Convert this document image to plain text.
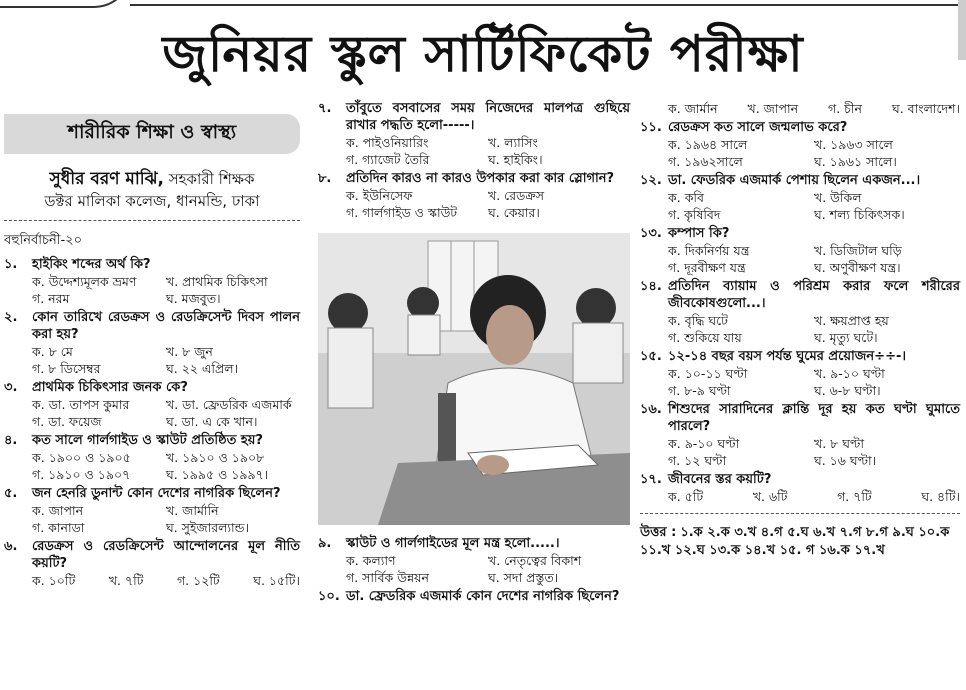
জুনিয়র স্কুল সার্টিফিকেট পরীক্ষা
শারীরিক শিক্ষা ও স্বাস্থ্য
সুধীর বরণ মাঝি, সহকারী শিক্ষক
ডক্টর মালিকা কলেজ, ধানমন্ডি, ঢাকা
বহুনির্বাচনী-২০
১.	হাইকিং শব্দের অর্থ কি?
ক. উদ্দেশ্যমূলক ভ্রমণ	খ. প্রাথমিক চিকিৎসা
গ. নরম	ঘ. মজবুত।
২.	কোন তারিখে রেডক্রস ও রেডক্রিসেন্ট দিবস পালন করা হয়?
ক. ৮ মে	খ. ৮ জুন
গ. ৮ ডিসেম্বর	ঘ. ২২ এপ্রিল।
৩.	প্রাথমিক চিকিৎসার জনক কে?
ক. ডা. তাপস কুমার	খ. ডা. ফ্রেডরিক এজমার্ক
গ. ডা. ফয়েজ	ঘ. ডা. এ কে খান।
৪.	কত সালে গার্লগাইড ও স্কাউট প্রতিষ্ঠিত হয়?
ক. ১৯০০ ও ১৯০৫	খ. ১৯১০ ও ১৯০৮
গ. ১৯১০ ও ১৯০৭	ঘ. ১৯৯৫ ও ১৯৯৭।
৫.	জন হেনরি ডুনান্ট কোন দেশের নাগরিক ছিলেন?
ক. জাপান	খ. জার্মানি
গ. কানাডা	ঘ. সুইজারল্যান্ড।
৬.	রেডক্রস ও রেডক্রিসেন্ট আন্দোলনের মূল নীতি কয়টি?
ক. ১০টি	খ. ৭টি	গ. ১২টি	ঘ. ১৫টি।
৭.	তাঁবুতে বসবাসের সময় নিজেদের মালপত্র গুছিয়ে রাখার পদ্ধতি হলো-----।
ক. পাইওনিয়ারিং	খ. ল্যাসিং
গ. গ্যাজেট তৈরি	ঘ. হাইকিং।
৮.	প্রতিদিন কারও না কারও উপকার করা কার স্লোগান?
ক. ইউনিসেফ	খ. রেডক্রস
গ. গার্লগাইড ও স্কাউট	ঘ. কেয়ার।
৯.	স্কাউট ও গার্লগাইডের মূল মন্ত্র হলো.....।
ক. কল্যাণ	খ. নেতৃত্বের বিকাশ
গ. সার্বিক উন্নয়ন	ঘ. সদা প্রস্তুত।
১০. ডা. ফ্রেডরিক এজমার্ক কোন দেশের নাগরিক ছিলেন?
ক. জার্মান খ. জাপান গ. চীন ঘ. বাংলাদেশ।
১১. রেডক্রস কত সালে জন্মলাভ করে?
ক. ১৯৬৪ সালে	খ. ১৯৬৩ সালে
গ. ১৯৬২সালে	ঘ. ১৯৬১ সালে।
১২. ডা. ফেডরিক এজমার্ক পেশায় ছিলেন একজন...।
ক. কবি	খ. উকিল
গ. কৃষিবিদ	ঘ. শল্য চিকিৎসক।
১৩. কম্পাস কি?
ক. দিকনির্ণয় যন্ত্র	খ. ডিজিটাল ঘড়ি
গ. দূরবীক্ষণ যন্ত্র	ঘ. অণুবীক্ষণ যন্ত্র।
১৪. প্রতিদিন ব্যায়াম ও পরিশ্রম করার ফলে শরীরের জীবকোষগুলো...।
ক. বৃদ্ধি ঘটে	খ. ক্ষয়প্রাপ্ত হয়
গ. শুকিয়ে যায়	ঘ. মৃত্যু ঘটে।
১৫. ১২-১৪ বছর বয়স পর্যন্ত ঘুমের প্রয়োজন÷÷-।
ক. ১০-১১ ঘণ্টা	খ. ৯-১০ ঘণ্টা
গ. ৮-৯ ঘণ্টা	ঘ. ৬-৮ ঘণ্টা।
১৬. শিশুদের সারাদিনের ক্লান্তি দূর হয় কত ঘণ্টা ঘুমাতে পারলে?
ক. ৯-১০ ঘণ্টা	খ. ৮ ঘণ্টা
গ. ১২ ঘণ্টা	ঘ. ১৬ ঘণ্টা।
১৭. জীবনের স্তর কয়টি?
ক. ৫টি	খ. ৬টি	গ. ৭টি	ঘ. ৪টি।
উত্তর : ১.ক ২.ক ৩.খ ৪.গ ৫.ঘ ৬.খ ৭.গ ৮.গ ৯.ঘ ১০.ক ১১.খ ১২.ঘ ১৩.ক ১৪.খ ১৫. গ ১৬.ক ১৭.খ
